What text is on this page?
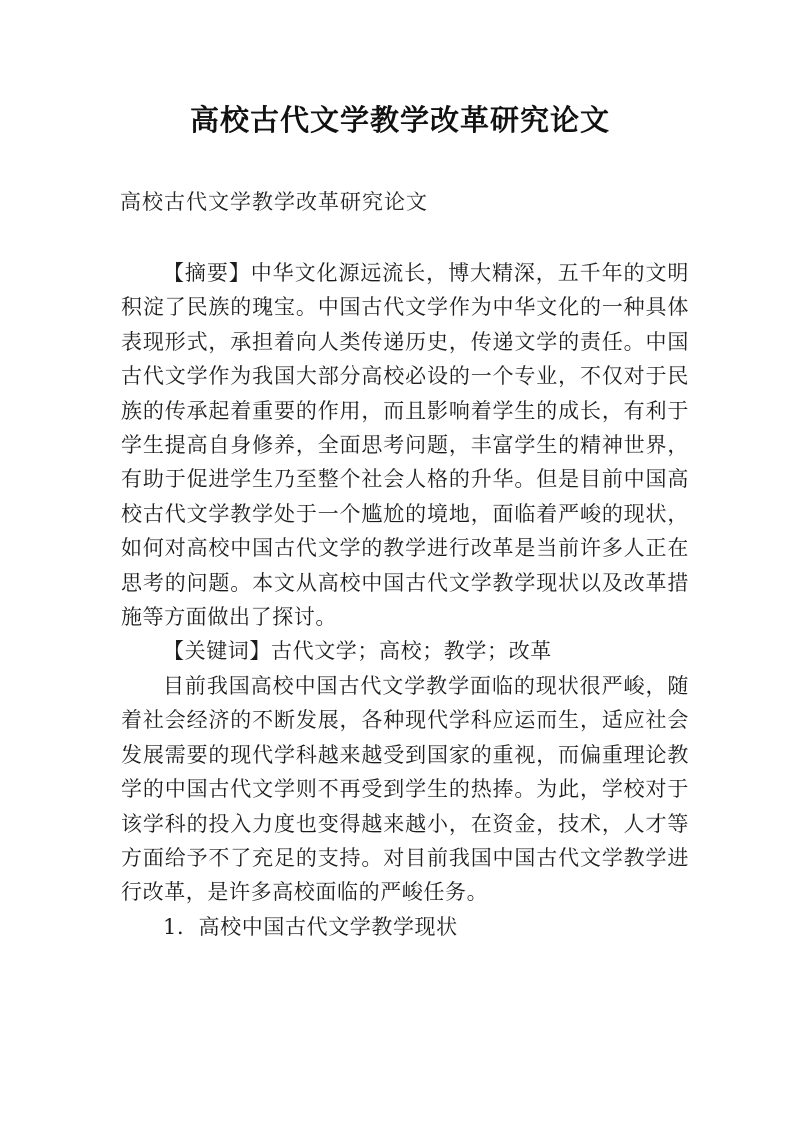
高校古代文学教学改革研究论文
高校古代文学教学改革研究论文

【摘要】中华文化源远流长，博大精深，五千年的文明积淀了民族的瑰宝。中国古代文学作为中华文化的一种具体表现形式，承担着向人类传递历史，传递文学的责任。中国古代文学作为我国大部分高校必设的一个专业，不仅对于民族的传承起着重要的作用，而且影响着学生的成长，有利于学生提高自身修养，全面思考问题，丰富学生的精神世界，有助于促进学生乃至整个社会人格的升华。但是目前中国高校古代文学教学处于一个尴尬的境地，面临着严峻的现状，如何对高校中国古代文学的教学进行改革是当前许多人正在思考的问题。本文从高校中国古代文学教学现状以及改革措施等方面做出了探讨。

【关键词】古代文学；高校；教学；改革

目前我国高校中国古代文学教学面临的现状很严峻，随着社会经济的不断发展，各种现代学科应运而生，适应社会发展需要的现代学科越来越受到国家的重视，而偏重理论教学的中国古代文学则不再受到学生的热捧。为此，学校对于该学科的投入力度也变得越来越小，在资金，技术，人才等方面给予不了充足的支持。对目前我国中国古代文学教学进行改革，是许多高校面临的严峻任务。

1．高校中国古代文学教学现状
